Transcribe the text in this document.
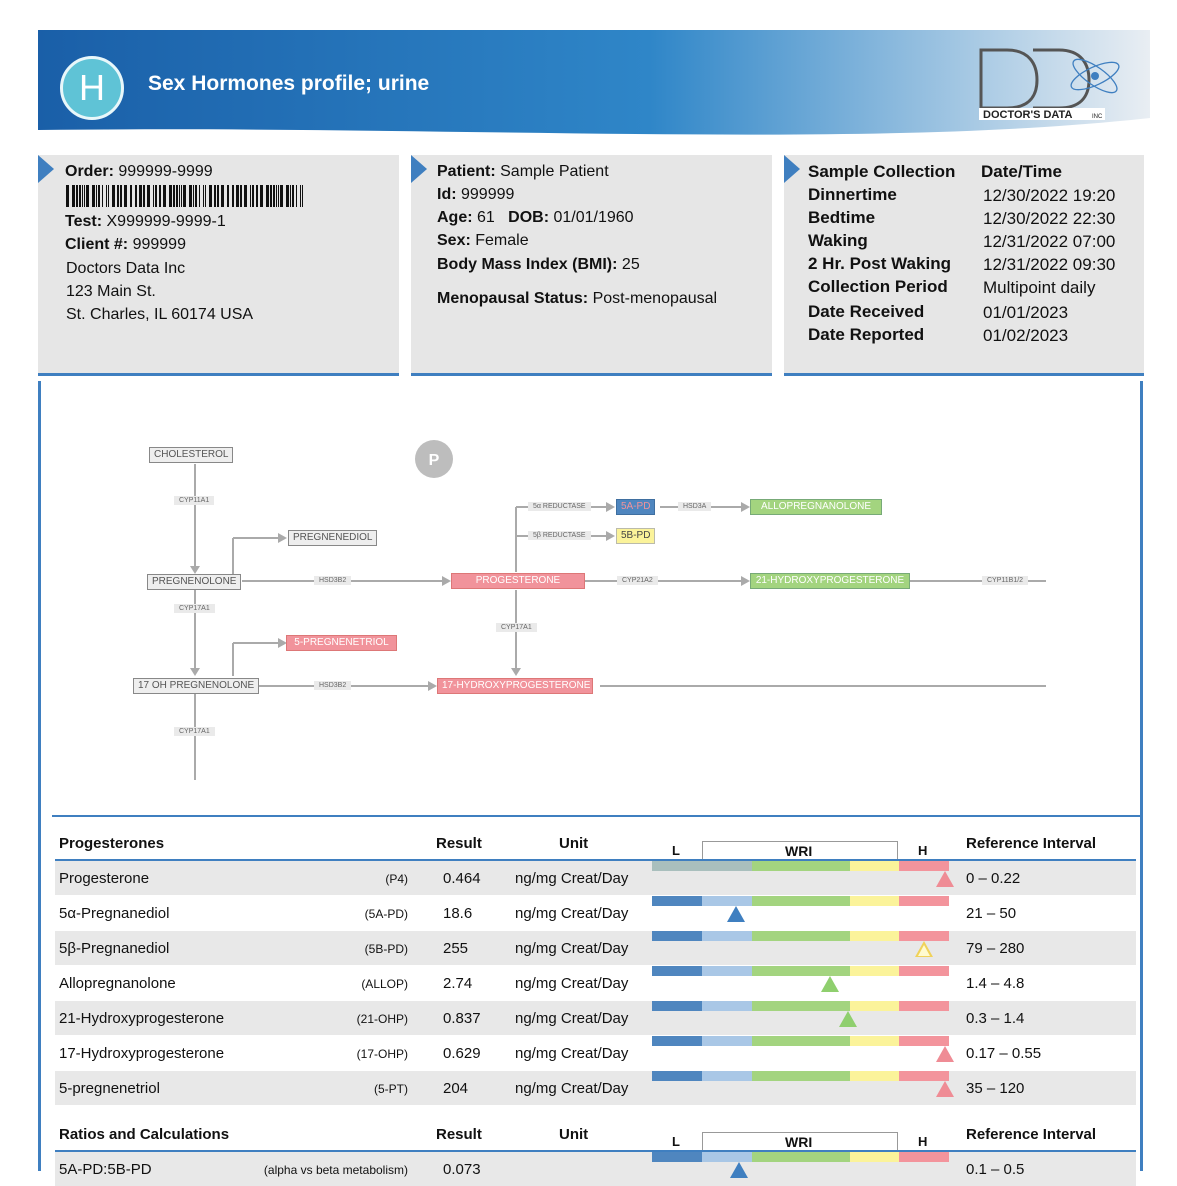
H	Sex Hormones profile; urine
DOCTOR'S DATA	INC
Order: 999999-9999
Test: X999999-9999-1
Client #: 999999
Doctors Data Inc
123 Main St.
St. Charles, IL 60174 USA
Patient: Sample Patient
Id: 999999
Age: 61 DOB: 01/01/1960
Sex: Female
Body Mass Index (BMI): 25
Menopausal Status: Post-menopausal
Sample Collection Date/Time
Dinnertime	12/30/2022 19:20
Bedtime	12/30/2022 22:30
Waking	12/31/2022 07:00
2 Hr. Post Waking 12/31/2022 09:30
Collection Period Multipoint daily
Date Received	01/01/2023
Date Reported	01/02/2023
P
CHOLESTEROL
PREGNENEDIOL
PREGNENOLONE	PROGESTERONE
5A-PD
5B-PD
ALLOPREGNANOLONE
21-HYDROXYPROGESTERONE
5-PREGNENETRIOL
17 OH PREGNENOLONE	17-HYDROXYPROGESTERONE
CYP11A1
HSD3B2
CYP17A1
5α REDUCTASE
5β REDUCTASE
HSD3A
CYP21A2	CYP11B1/2
CYP17A1
HSD3B2
CYP17A1
Progesterones	Result	Unit	L	WRI	H	Reference Interval
Progesterone	(P4) 0.464 ng/mg Creat/Day	0 – 0.22
5α-Pregnanediol	(5A-PD) 18.6	ng/mg Creat/Day	21 – 50
5β-Pregnanediol	(5B-PD) 255	ng/mg Creat/Day	79 – 280
Allopregnanolone	(ALLOP) 2.74	ng/mg Creat/Day	1.4 – 4.8
21-Hydroxyprogesterone	(21-OHP) 0.837 ng/mg Creat/Day	0.3 – 1.4
17-Hydroxyprogesterone	(17-OHP) 0.629 ng/mg Creat/Day	0.17 – 0.55
5-pregnenetriol	(5-PT) 204	ng/mg Creat/Day	35 – 120
Ratios and Calculations	Result	Unit	L	WRI	H	Reference Interval
5A-PD:5B-PD	(alpha vs beta metabolism) 0.073	0.1 – 0.5
